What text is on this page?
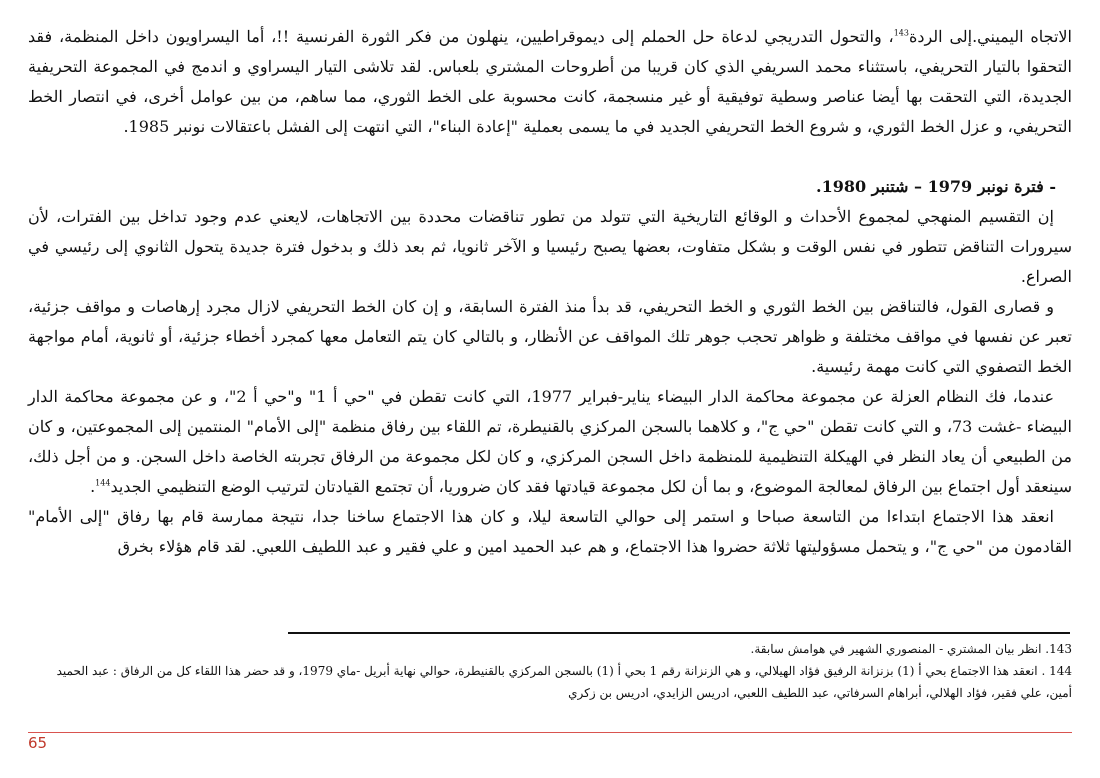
الاتجاه اليميني.إلى الردة$^{143}$، والتحول التدريجي لدعاة حل الحملم إلى ديموقراطيين، ينهلون من فكر الثورة الفرنسية !!، أما اليسراويون داخل المنظمة، فقد التحقوا بالتيار التحريفي، باستثناء محمد السريفي الذي كان قريبا من أطروحات المشتري بلعباس. لقد تلاشى التيار اليسراوي و اندمج في المجموعة التحريفية الجديدة، التي التحقت بها أيضا عناصر وسطية توفيقية أو غير منسجمة، كانت محسوبة على الخط الثوري، مما ساهم، من بين عوامل أخرى، في انتصار الخط التحريفي، و عزل الخط الثوري، و شروع الخط التحريفي الجديد في ما يسمى بعملية "إعادة البناء"، التي انتهت إلى الفشل باعتقالات نونبر 1985.

- فترة نونبر 1979 – شتنبر 1980.

إن التقسيم المنهجي لمجموع الأحداث و الوقائع التاريخية التي تتولد من تطور تناقضات محددة بين الاتجاهات، لايعني عدم وجود تداخل بين الفترات، لأن سيرورات التناقض تتطور في نفس الوقت و بشكل متفاوت، بعضها يصبح رئيسيا و الآخر ثانويا، ثم بعد ذلك و بدخول فترة جديدة يتحول الثانوي إلى رئيسي في الصراع.

و قصارى القول، فالتناقض بين الخط الثوري و الخط التحريفي، قد بدأ منذ الفترة السابقة، و إن كان الخط التحريفي لازال مجرد إرهاصات و مواقف جزئية، تعبر عن نفسها في مواقف مختلفة و ظواهر تحجب جوهر تلك المواقف عن الأنظار، و بالتالي كان يتم التعامل معها كمجرد أخطاء جزئية، أو ثانوية، أمام مواجهة الخط التصفوي التي كانت مهمة رئيسية.

عندما، فك النظام العزلة عن مجموعة محاكمة الدار البيضاء يناير-فبراير 1977، التي كانت تقطن في "حي أ 1" و"حي أ 2"، و عن مجموعة محاكمة الدار البيضاء -غشت 73، و التي كانت تقطن "حي ج"، و كلاهما بالسجن المركزي بالقنيطرة، تم اللقاء بين رفاق منظمة "إلى الأمام" المنتمين إلى المجموعتين، و كان من الطبيعي أن يعاد النظر في الهيكلة التنظيمية للمنظمة داخل السجن المركزي، و كان لكل مجموعة من الرفاق تجربته الخاصة داخل السجن. و من أجل ذلك، سينعقد أول اجتماع بين الرفاق لمعالجة الموضوع، و بما أن لكل مجموعة قيادتها فقد كان ضروريا، أن تجتمع القيادتان لترتيب الوضع التنظيمي الجديد$^{144}$.

انعقد هذا الاجتماع ابتداءا من التاسعة صباحا و استمر إلى حوالي التاسعة ليلا، و كان هذا الاجتماع ساخنا جدا، نتيجة ممارسة قام بها رفاق "إلى الأمام" القادمون من "حي ج"، و يتحمل مسؤوليتها ثلاثة حضروا هذا الاجتماع، و هم عبد الحميد امين و علي فقير و عبد اللطيف اللعبي. لقد قام هؤلاء بخرق

143. انظر بيان المشتري - المنصوري الشهير في هوامش سابقة.

144 . انعقد هذا الاجتماع بحي أ (1) بزنزانة الرفيق فؤاد الهيلالي، و هي الزنزانة رقم 1 بحي أ (1) بالسجن المركزي بالقنيطرة، حوالي نهاية أبريل -ماي 1979، و قد حضر هذا اللقاء كل من الرفاق : عبد الحميد أمين، علي فقير، فؤاد الهلالي، أبراهام السرفاتي، عبد اللطيف اللعبي، ادريس الزايدي، ادريس بن زكري

65
